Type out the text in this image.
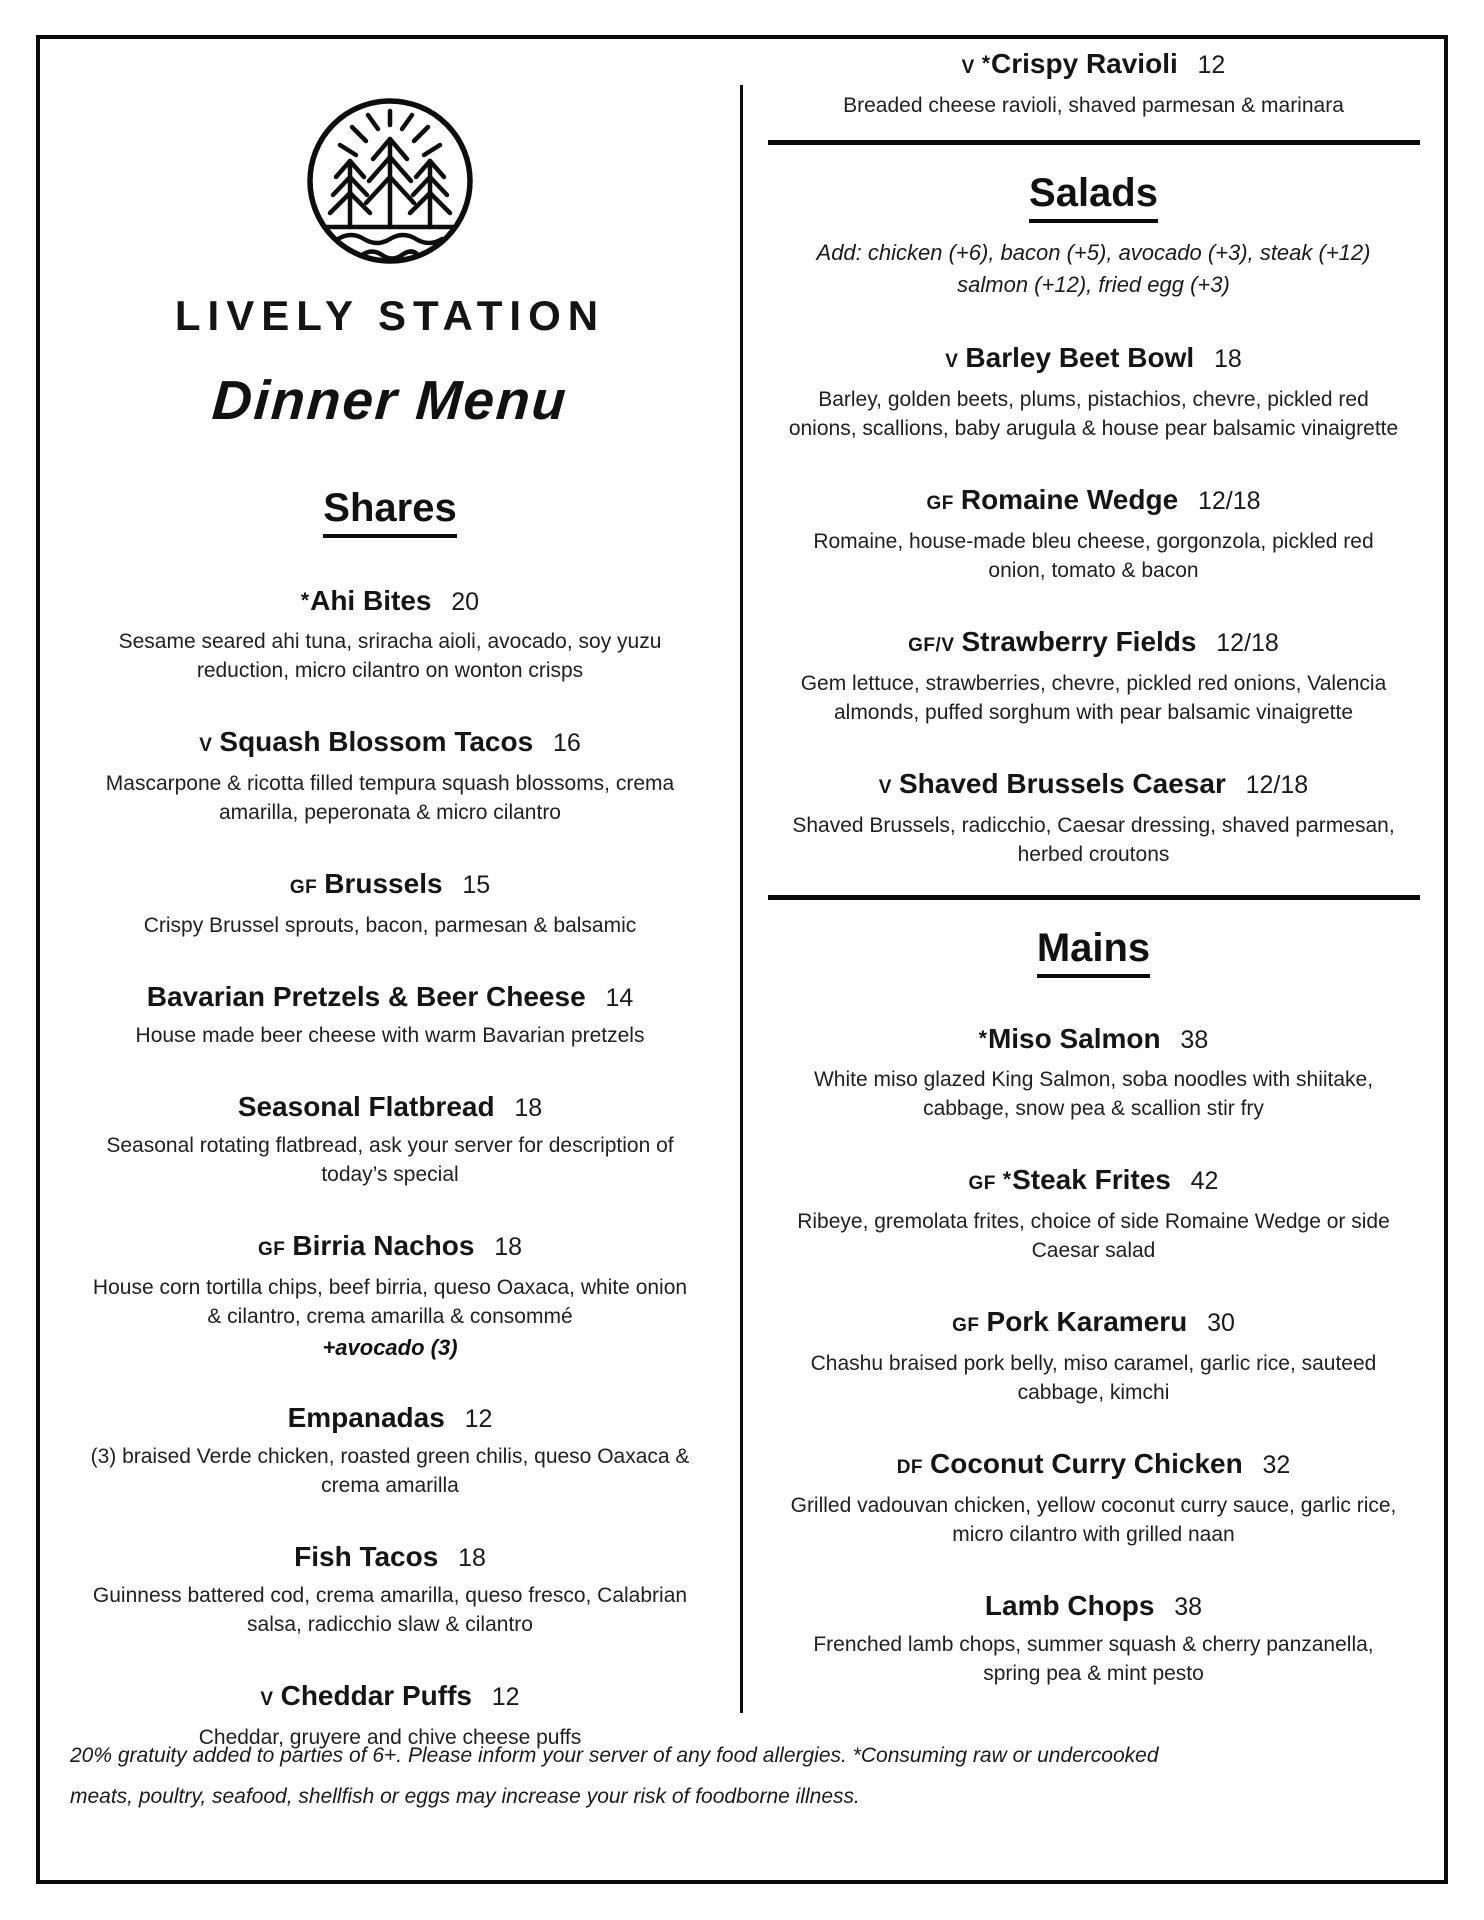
LIVELY STATION
Dinner Menu
Shares
*Ahi Bites 20
Sesame seared ahi tuna, sriracha aioli, avocado, soy yuzu reduction, micro cilantro on wonton crisps
V Squash Blossom Tacos 16
Mascarpone & ricotta filled tempura squash blossoms, crema amarilla, peperonata & micro cilantro
GF Brussels 15
Crispy Brussel sprouts, bacon, parmesan & balsamic
Bavarian Pretzels & Beer Cheese 14
House made beer cheese with warm Bavarian pretzels
Seasonal Flatbread 18
Seasonal rotating flatbread, ask your server for description of today’s special
GF Birria Nachos 18
House corn tortilla chips, beef birria, queso Oaxaca, white onion & cilantro, crema amarilla & consommé
+avocado (3)
Empanadas 12
(3) braised Verde chicken, roasted green chilis, queso Oaxaca & crema amarilla
Fish Tacos 18
Guinness battered cod, crema amarilla, queso fresco, Calabrian salsa, radicchio slaw & cilantro
V Cheddar Puffs 12
Cheddar, gruyere and chive cheese puffs
V *Crispy Ravioli 12
Breaded cheese ravioli, shaved parmesan & marinara
Salads
Add: chicken (+6), bacon (+5), avocado (+3), steak (+12)
salmon (+12), fried egg (+3)
V Barley Beet Bowl 18
Barley, golden beets, plums, pistachios, chevre, pickled red onions, scallions, baby arugula & house pear balsamic vinaigrette
GF Romaine Wedge 12/18
Romaine, house-made bleu cheese, gorgonzola, pickled red onion, tomato & bacon
GF/V Strawberry Fields 12/18
Gem lettuce, strawberries, chevre, pickled red onions, Valencia almonds, puffed sorghum with pear balsamic vinaigrette
V Shaved Brussels Caesar 12/18
Shaved Brussels, radicchio, Caesar dressing, shaved parmesan, herbed croutons
Mains
*Miso Salmon 38
White miso glazed King Salmon, soba noodles with shiitake, cabbage, snow pea & scallion stir fry
GF *Steak Frites 42
Ribeye, gremolata frites, choice of side Romaine Wedge or side Caesar salad
GF Pork Karameru 30
Chashu braised pork belly, miso caramel, garlic rice, sauteed cabbage, kimchi
DF Coconut Curry Chicken 32
Grilled vadouvan chicken, yellow coconut curry sauce, garlic rice, micro cilantro with grilled naan
Lamb Chops 38
Frenched lamb chops, summer squash & cherry panzanella, spring pea & mint pesto
20% gratuity added to parties of 6+. Please inform your server of any food allergies. *Consuming raw or undercooked
meats, poultry, seafood, shellfish or eggs may increase your risk of foodborne illness.
